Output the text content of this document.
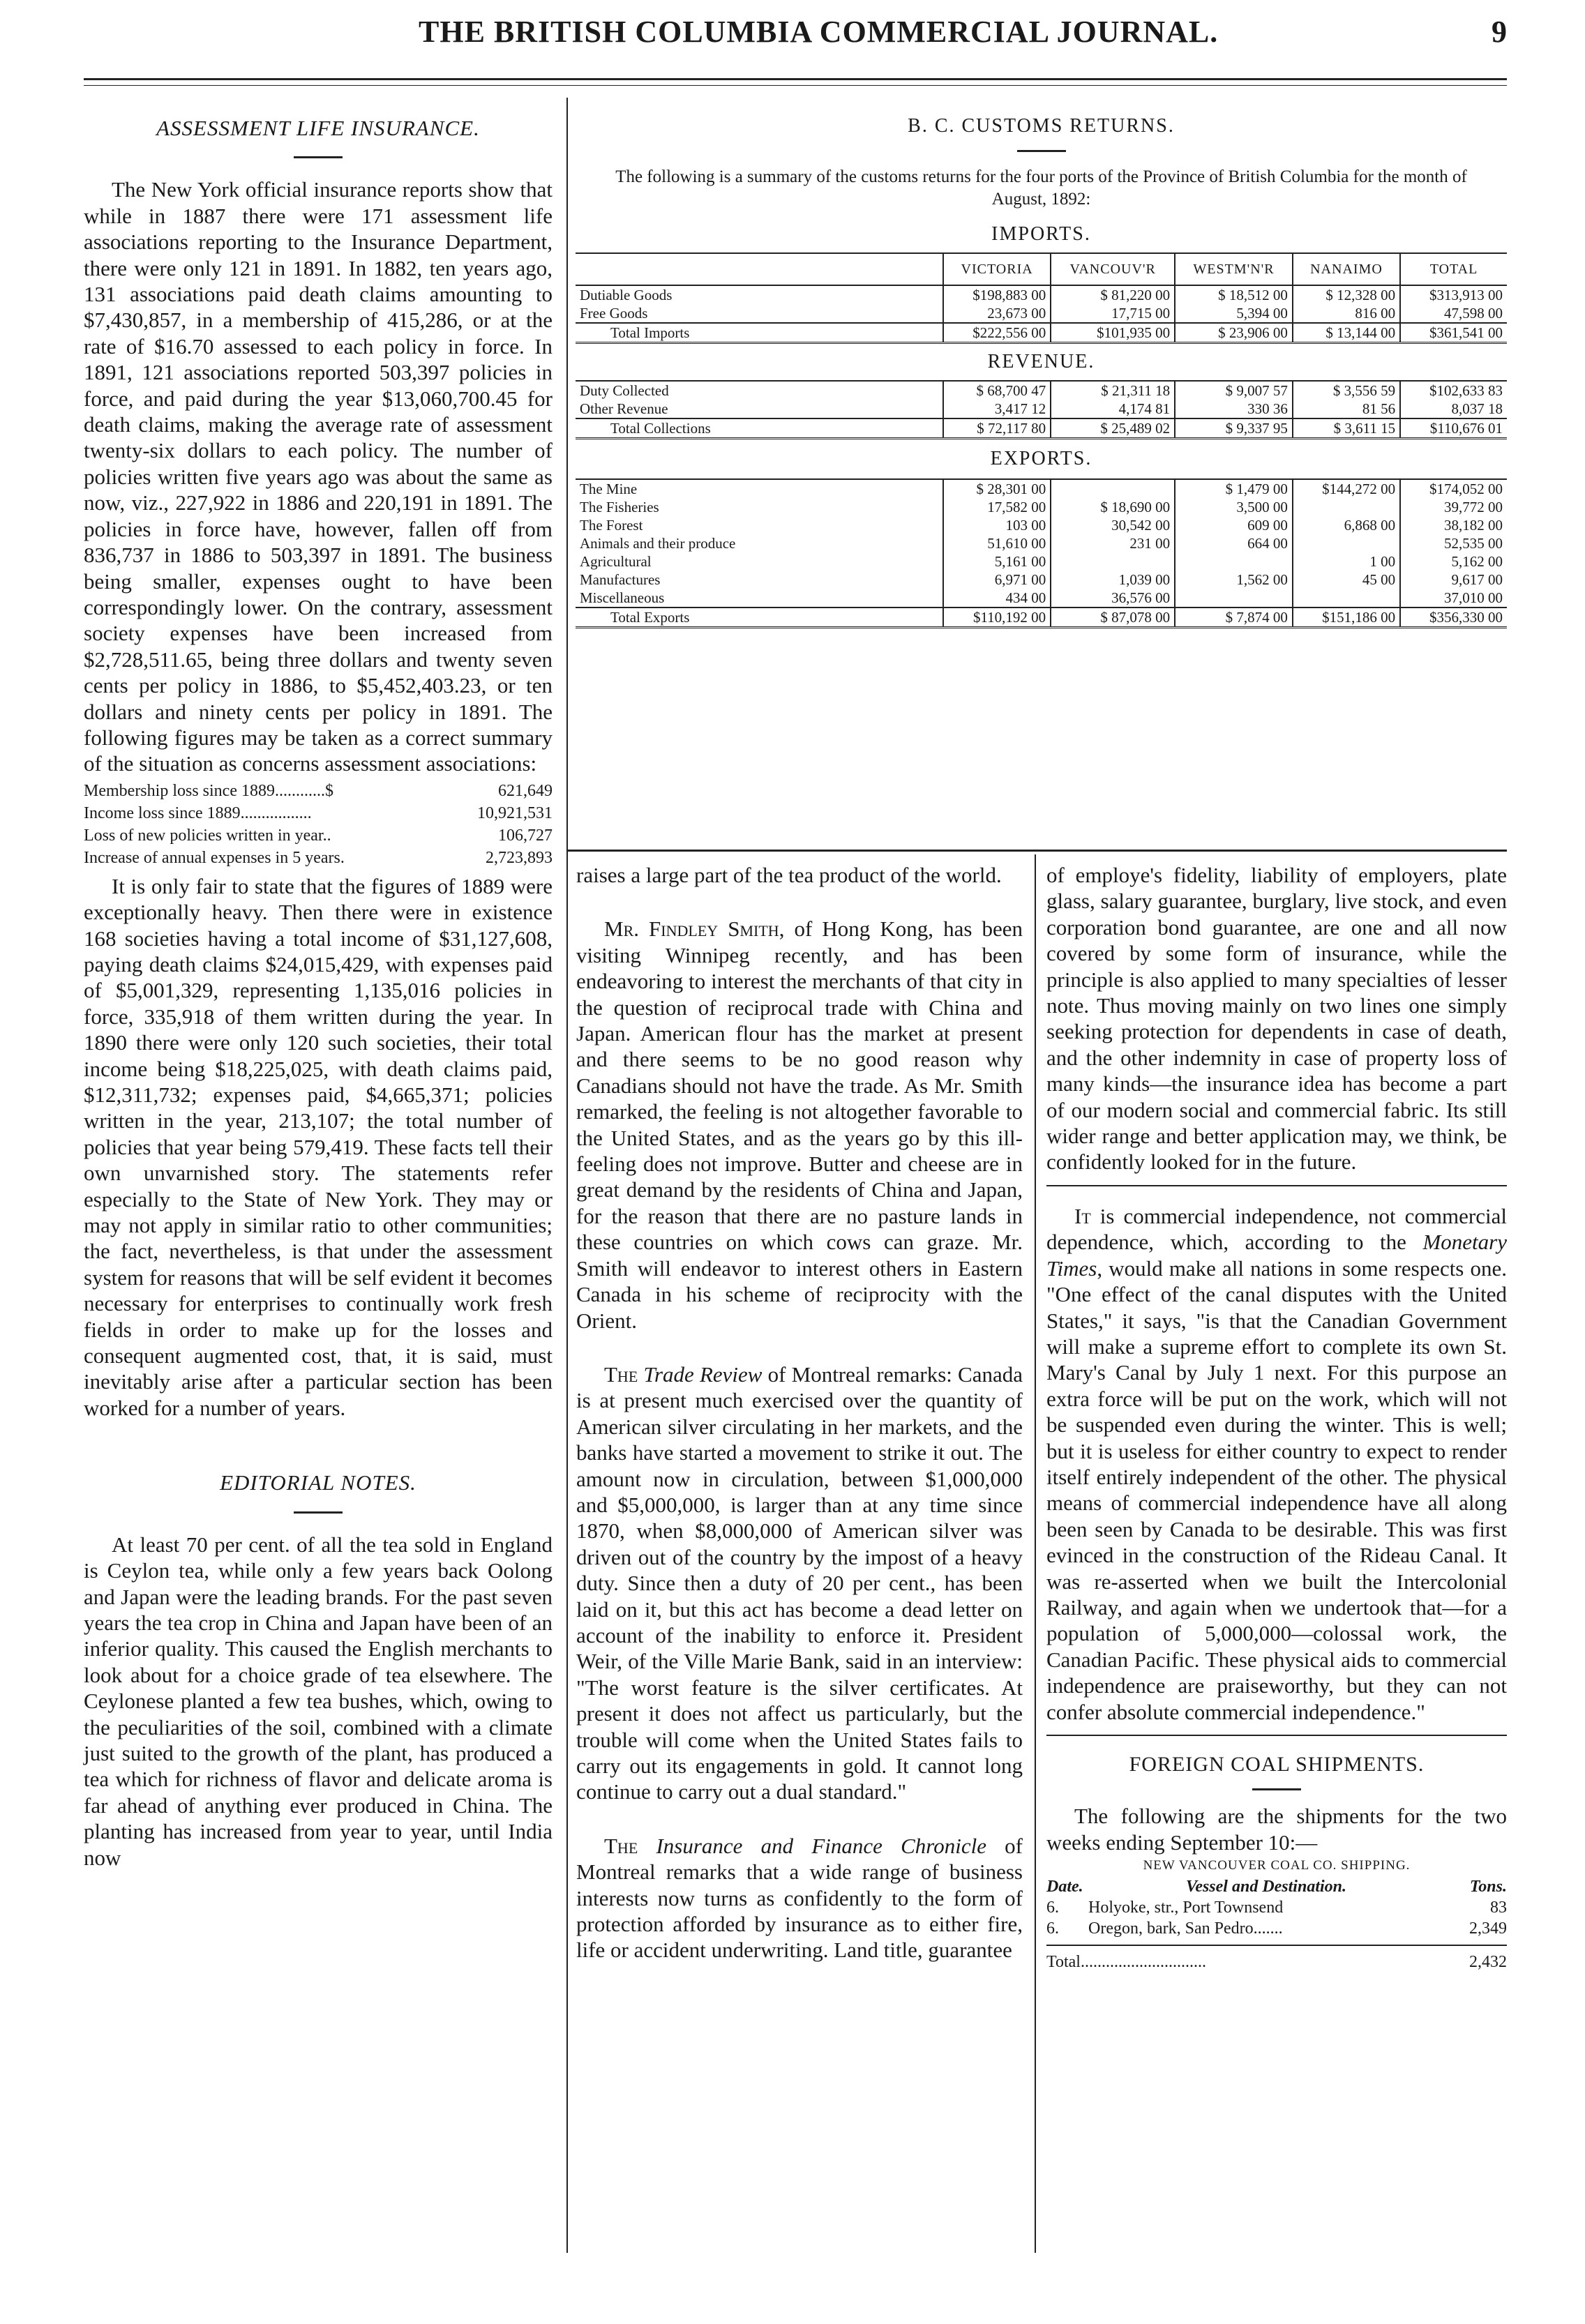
THE BRITISH COLUMBIA COMMERCIAL JOURNAL.	9

ASSESSMENT LIFE INSURANCE.

The New York official insurance reports show that while in 1887 there were 171 assessment life associations reporting to the Insurance Department, there were only 121 in 1891. In 1882, ten years ago, 131 associations paid death claims amounting to $7,430,857, in a membership of 415,286, or at the rate of $16.70 assessed to each policy in force. In 1891, 121 associations reported 503,397 policies in force, and paid during the year $13,060,700.45 for death claims, making the average rate of assessment twenty-six dollars to each policy. The number of policies written five years ago was about the same as now, viz., 227,922 in 1886 and 220,191 in 1891. The policies in force have, however, fallen off from 836,737 in 1886 to 503,397 in 1891. The business being smaller, expenses ought to have been correspondingly lower. On the contrary, assessment society expenses have been increased from $2,728,511.65, being three dollars and twenty seven cents per policy in 1886, to $5,452,403.23, or ten dollars and ninety cents per policy in 1891. The following figures may be taken as a correct summary of the situation as concerns assessment associations:

Membership loss since 1889............$	621,649
Income loss since 1889.................	10,921,531
Loss of new policies written in year..	106,727
Increase of annual expenses in 5 years.	2,723,893

It is only fair to state that the figures of 1889 were exceptionally heavy. Then there were in existence 168 societies having a total income of $31,127,608, paying death claims $24,015,429, with expenses paid of $5,001,329, representing 1,135,016 policies in force, 335,918 of them written during the year. In 1890 there were only 120 such societies, their total income being $18,225,025, with death claims paid, $12,311,732; expenses paid, $4,665,371; policies written in the year, 213,107; the total number of policies that year being 579,419. These facts tell their own unvarnished story. The statements refer especially to the State of New York. They may or may not apply in similar ratio to other communities; the fact, nevertheless, is that under the assessment system for reasons that will be self evident it becomes necessary for enterprises to continually work fresh fields in order to make up for the losses and consequent augmented cost, that, it is said, must inevitably arise after a particular section has been worked for a number of years.

EDITORIAL NOTES.

At least 70 per cent. of all the tea sold in England is Ceylon tea, while only a few years back Oolong and Japan were the leading brands. For the past seven years the tea crop in China and Japan have been of an inferior quality. This caused the English merchants to look about for a choice grade of tea elsewhere. The Ceylonese planted a few tea bushes, which, owing to the peculiarities of the soil, combined with a climate just suited to the growth of the plant, has produced a tea which for richness of flavor and delicate aroma is far ahead of anything ever produced in China. The planting has increased from year to year, until India now

B. C. CUSTOMS RETURNS.
The following is a summary of the customs returns for the four ports of the Province of British Columbia for the month of August, 1892:
IMPORTS.
	VICTORIA	VANCOUV'R	WESTM'N'R	NANAIMO	TOTAL
Dutiable Goods	$198,883 00	$ 81,220 00	$ 18,512 00	$ 12,328 00	$313,913 00
Free Goods	23,673 00	17,715 00	5,394 00	816 00	47,598 00
Total Imports	$222,556 00	$101,935 00	$ 23,906 00	$ 13,144 00	$361,541 00
REVENUE.					
Duty Collected	$ 68,700 47	$ 21,311 18	$ 9,007 57	$ 3,556 59	$102,633 83
Other Revenue	3,417 12	4,174 81	330 36	81 56	8,037 18
Total Collections	$ 72,117 80	$ 25,489 02	$ 9,337 95	$ 3,611 15	$110,676 01
EXPORTS.					
The Mine	$ 28,301 00		$ 1,479 00	$144,272 00	$174,052 00
The Fisheries	17,582 00	$ 18,690 00	3,500 00		39,772 00
The Forest	103 00	30,542 00	609 00	6,868 00	38,182 00
Animals and their produce	51,610 00	231 00	664 00		52,535 00
Agricultural	5,161 00			1 00	5,162 00
Manufactures	6,971 00	1,039 00	1,562 00	45 00	9,617 00
Miscellaneous	434 00	36,576 00			37,010 00
Total Exports	$110,192 00	$ 87,078 00	$ 7,874 00	$151,186 00	$356,330 00

raises a large part of the tea product of the world.

Mr. Findley Smith, of Hong Kong, has been visiting Winnipeg recently, and has been endeavoring to interest the merchants of that city in the question of reciprocal trade with China and Japan. American flour has the market at present and there seems to be no good reason why Canadians should not have the trade. As Mr. Smith remarked, the feeling is not altogether favorable to the United States, and as the years go by this ill-feeling does not improve. Butter and cheese are in great demand by the residents of China and Japan, for the reason that there are no pasture lands in these countries on which cows can graze. Mr. Smith will endeavor to interest others in Eastern Canada in his scheme of reciprocity with the Orient.

The Trade Review of Montreal remarks: Canada is at present much exercised over the quantity of American silver circulating in her markets, and the banks have started a movement to strike it out. The amount now in circulation, between $1,000,000 and $5,000,000, is larger than at any time since 1870, when $8,000,000 of American silver was driven out of the country by the impost of a heavy duty. Since then a duty of 20 per cent., has been laid on it, but this act has become a dead letter on account of the inability to enforce it. President Weir, of the Ville Marie Bank, said in an interview: "The worst feature is the silver certificates. At present it does not affect us particularly, but the trouble will come when the United States fails to carry out its engagements in gold. It cannot long continue to carry out a dual standard."

The Insurance and Finance Chronicle of Montreal remarks that a wide range of business interests now turns as confidently to the form of protection afforded by insurance as to either fire, life or accident underwriting. Land title, guarantee

of employe's fidelity, liability of employers, plate glass, salary guarantee, burglary, live stock, and even corporation bond guarantee, are one and all now covered by some form of insurance, while the principle is also applied to many specialties of lesser note. Thus moving mainly on two lines one simply seeking protection for dependents in case of death, and the other indemnity in case of property loss of many kinds—the insurance idea has become a part of our modern social and commercial fabric. Its still wider range and better application may, we think, be confidently looked for in the future.

It is commercial independence, not commercial dependence, which, according to the Monetary Times, would make all nations in some respects one. "One effect of the canal disputes with the United States," it says, "is that the Canadian Government will make a supreme effort to complete its own St. Mary's Canal by July 1 next. For this purpose an extra force will be put on the work, which will not be suspended even during the winter. This is well; but it is useless for either country to expect to render itself entirely independent of the other. The physical means of commercial independence have all along been seen by Canada to be desirable. This was first evinced in the construction of the Rideau Canal. It was re-asserted when we built the Intercolonial Railway, and again when we undertook that—for a population of 5,000,000—colossal work, the Canadian Pacific. These physical aids to commercial independence are praiseworthy, but they can not confer absolute commercial independence."

FOREIGN COAL SHIPMENTS.

The following are the shipments for the two weeks ending September 10:—

NEW VANCOUVER COAL CO. SHIPPING.
Date.	Vessel and Destination.	Tons.
6.	Holyoke, str., Port Townsend	83
6.	Oregon, bark, San Pedro.......	2,349
Total..............................	2,432
